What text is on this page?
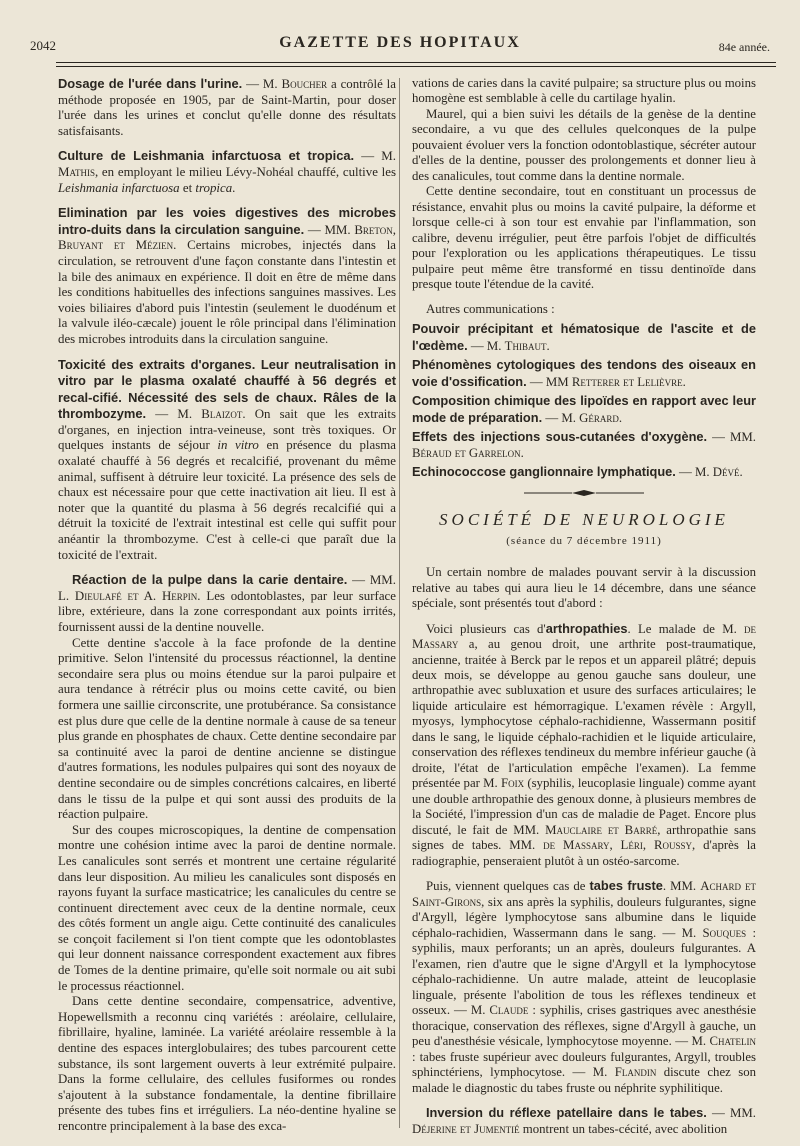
2042	GAZETTE DES HOPITAUX	84e année.

Dosage de l'urée dans l'urine. — M. Boucher a contrôlé la méthode proposée en 1905, par de Saint-Martin, pour doser l'urée dans les urines et conclut qu'elle donne des résultats satisfaisants.

Culture de Leishmania infarctuosa et tropica. — M. Mathis, en employant le milieu Lévy-Nohéal chauffé, cultive les Leishmania infarctuosa et tropica.

Elimination par les voies digestives des microbes intro-duits dans la circulation sanguine. — MM. Breton, Bruyant et Mézien. Certains microbes, injectés dans la circulation, se retrouvent d'une façon constante dans l'intestin et la bile des animaux en expérience. Il doit en être de même dans les conditions habituelles des infections sanguines massives. Les voies biliaires d'abord puis l'intestin (seulement le duodénum et la valvule iléo-cæcale) jouent le rôle principal dans l'élimination des microbes introduits dans la circulation sanguine.

Toxicité des extraits d'organes. Leur neutralisation in vitro par le plasma oxalaté chauffé à 56 degrés et recal-cifié. Nécessité des sels de chaux. Râles de la thrombozyme. — M. Blaizot. On sait que les extraits d'organes, en injection intra-veineuse, sont très toxiques. Or quelques instants de séjour in vitro en présence du plasma oxalaté chauffé à 56 degrés et recalcifié, provenant du même animal, suffisent à détruire leur toxicité. La présence des sels de chaux est nécessaire pour que cette inactivation ait lieu. Il est à noter que la quantité du plasma à 56 degrés recalcifié qui a détruit la toxicité de l'extrait intestinal est celle qui suffit pour anéantir la thrombozyme. C'est à celle-ci que paraît due la toxicité de l'extrait.

Réaction de la pulpe dans la carie dentaire. — MM. L. Dieulafé et A. Herpin. Les odontoblastes, par leur surface libre, extérieure, dans la zone correspondant aux points irrités, fournissent aussi de la dentine nouvelle.

Cette dentine s'accole à la face profonde de la dentine primitive. Selon l'intensité du processus réactionnel, la dentine secondaire sera plus ou moins étendue sur la paroi pulpaire et aura tendance à rétrécir plus ou moins cette cavité, ou bien formera une saillie circonscrite, une protubérance. Sa consistance est plus dure que celle de la dentine normale à cause de sa teneur plus grande en phosphates de chaux. Cette dentine secondaire par sa continuité avec la paroi de dentine ancienne se distingue d'autres formations, les nodules pulpaires qui sont des noyaux de dentine secondaire ou de simples concrétions calcaires, en liberté dans le tissu de la pulpe et qui sont aussi des produits de la réaction pulpaire.

Sur des coupes microscopiques, la dentine de compensation montre une cohésion intime avec la paroi de dentine normale. Les canalicules sont serrés et montrent une certaine régularité dans leur disposition. Au milieu les canalicules sont disposés en rayons fuyant la surface masticatrice; les canalicules du centre se continuent directement avec ceux de la dentine normale, ceux des côtés forment un angle aigu. Cette continuité des canalicules se conçoit facilement si l'on tient compte que les odontoblastes qui leur donnent naissance correspondent exactement aux fibres de Tomes de la dentine primaire, qu'elle soit normale ou ait subi le processus réactionnel.

Dans cette dentine secondaire, compensatrice, adventive, Hopewellsmith a reconnu cinq variétés : aréolaire, cellulaire, fibrillaire, hyaline, laminée. La variété aréolaire ressemble à la dentine des espaces interglobulaires; des tubes parcourent cette substance, ils sont largement ouverts à leur extrémité pulpaire. Dans la forme cellulaire, des cellules fusiformes ou rondes s'ajoutent à la substance fondamentale, la dentine fibrillaire présente des tubes fins et irréguliers. La néo-dentine hyaline se rencontre principalement à la base des exca-

vations de caries dans la cavité pulpaire; sa structure plus ou moins homogène est semblable à celle du cartilage hyalin.

Maurel, qui a bien suivi les détails de la genèse de la dentine secondaire, a vu que des cellules quelconques de la pulpe pouvaient évoluer vers la fonction odontoblastique, sécréter autour d'elles de la dentine, pousser des prolongements et donner lieu à des canalicules, tout comme dans la dentine normale.

Cette dentine secondaire, tout en constituant un processus de résistance, envahit plus ou moins la cavité pulpaire, la déforme et lorsque celle-ci à son tour est envahie par l'inflammation, son calibre, devenu irrégulier, peut être parfois l'objet de difficultés pour l'exploration ou les applications thérapeutiques. Le tissu pulpaire peut même être transformé en tissu dentinoïde dans presque toute l'étendue de la cavité.

Autres communications :

Pouvoir précipitant et hématosique de l'ascite et de l'œdème. — M. Thibaut.

Phénomènes cytologiques des tendons des oiseaux en voie d'ossification. — MM Retterer et Lelièvre.

Composition chimique des lipoïdes en rapport avec leur mode de préparation. — M. Gérard.

Effets des injections sous-cutanées d'oxygène. — MM. Béraud et Garrelon.

Echinococcose ganglionnaire lymphatique. — M. Dévé.

SOCIÉTÉ DE NEUROLOGIE
(séance du 7 décembre 1911)

Un certain nombre de malades pouvant servir à la discussion relative au tabes qui aura lieu le 14 décembre, dans une séance spéciale, sont présentés tout d'abord :

Voici plusieurs cas d'arthropathies. Le malade de M. de Massary a, au genou droit, une arthrite post-traumatique, ancienne, traitée à Berck par le repos et un appareil plâtré; depuis deux mois, se développe au genou gauche sans douleur, une arthropathie avec subluxation et usure des surfaces articulaires; le liquide articulaire est hémorragique. L'examen révèle : Argyll, myosys, lymphocytose céphalo-rachidienne, Wassermann positif dans le sang, le liquide céphalo-rachidien et le liquide articulaire, conservation des réflexes tendineux du membre inférieur gauche (à droite, l'état de l'articulation empêche l'examen). La femme présentée par M. Foix (syphilis, leucoplasie linguale) comme ayant une double arthropathie des genoux donne, à plusieurs membres de la Société, l'impression d'un cas de maladie de Paget. Encore plus discuté, le fait de MM. Mauclaire et Barré, arthropathie sans signes de tabes. MM. de Massary, Léri, Roussy, d'après la radiographie, penseraient plutôt à un ostéo-sarcome.

Puis, viennent quelques cas de tabes fruste. MM. Achard et Saint-Girons, six ans après la syphilis, douleurs fulgurantes, signe d'Argyll, légère lymphocytose sans albumine dans le liquide céphalo-rachidien, Wassermann dans le sang. — M. Souques : syphilis, maux perforants; un an après, douleurs fulgurantes. A l'examen, rien d'autre que le signe d'Argyll et la lymphocytose céphalo-rachidienne. Un autre malade, atteint de leucoplasie linguale, présente l'abolition de tous les réflexes tendineux et osseux. — M. Claude : syphilis, crises gastriques avec anesthésie thoracique, conservation des réflexes, signe d'Argyll à gauche, un peu d'anesthésie vésicale, lymphocytose moyenne. — M. Chatelin : tabes fruste supérieur avec douleurs fulgurantes, Argyll, troubles sphinctériens, lymphocytose. — M. Flandin discute chez son malade le diagnostic du tabes fruste ou néphrite syphilitique.

Inversion du réflexe patellaire dans le tabes. — MM. Déjerine et Jumentié montrent un tabes-cécité, avec abolition
